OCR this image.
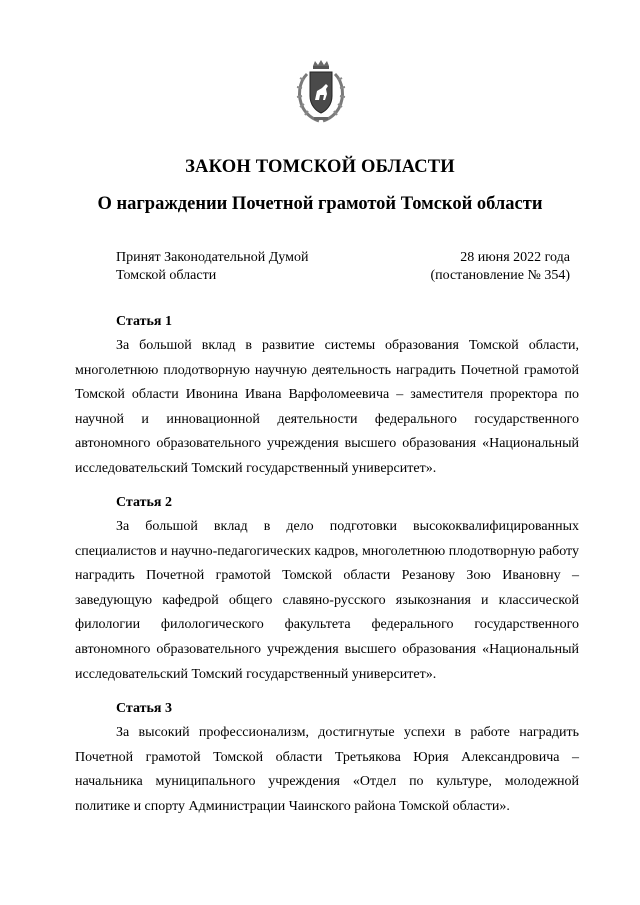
ЗАКОН ТОМСКОЙ ОБЛАСТИ
О награждении Почетной грамотой Томской области
Принят Законодательной Думой
Томской области
28 июня 2022 года
(постановление № 354)
Статья 1

За большой вклад в развитие системы образования Томской области, многолетнюю плодотворную научную деятельность наградить Почетной грамотой Томской области Ивонина Ивана Варфоломеевича – заместителя проректора по научной и инновационной деятельности федерального государственного автономного образовательного учреждения высшего образования «Национальный исследовательский Томский государственный университет».

Статья 2

За большой вклад в дело подготовки высококвалифицированных специалистов и научно-педагогических кадров, многолетнюю плодотворную работу наградить Почетной грамотой Томской области Резанову Зою Ивановну – заведующую кафедрой общего славяно-русского языкознания и классической филологии филологического факультета федерального государственного автономного образовательного учреждения высшего образования «Национальный исследовательский Томский государственный университет».

Статья 3

За высокий профессионализм, достигнутые успехи в работе наградить Почетной грамотой Томской области Третьякова Юрия Александровича – начальника муниципального учреждения «Отдел по культуре, молодежной политике и спорту Администрации Чаинского района Томской области».
